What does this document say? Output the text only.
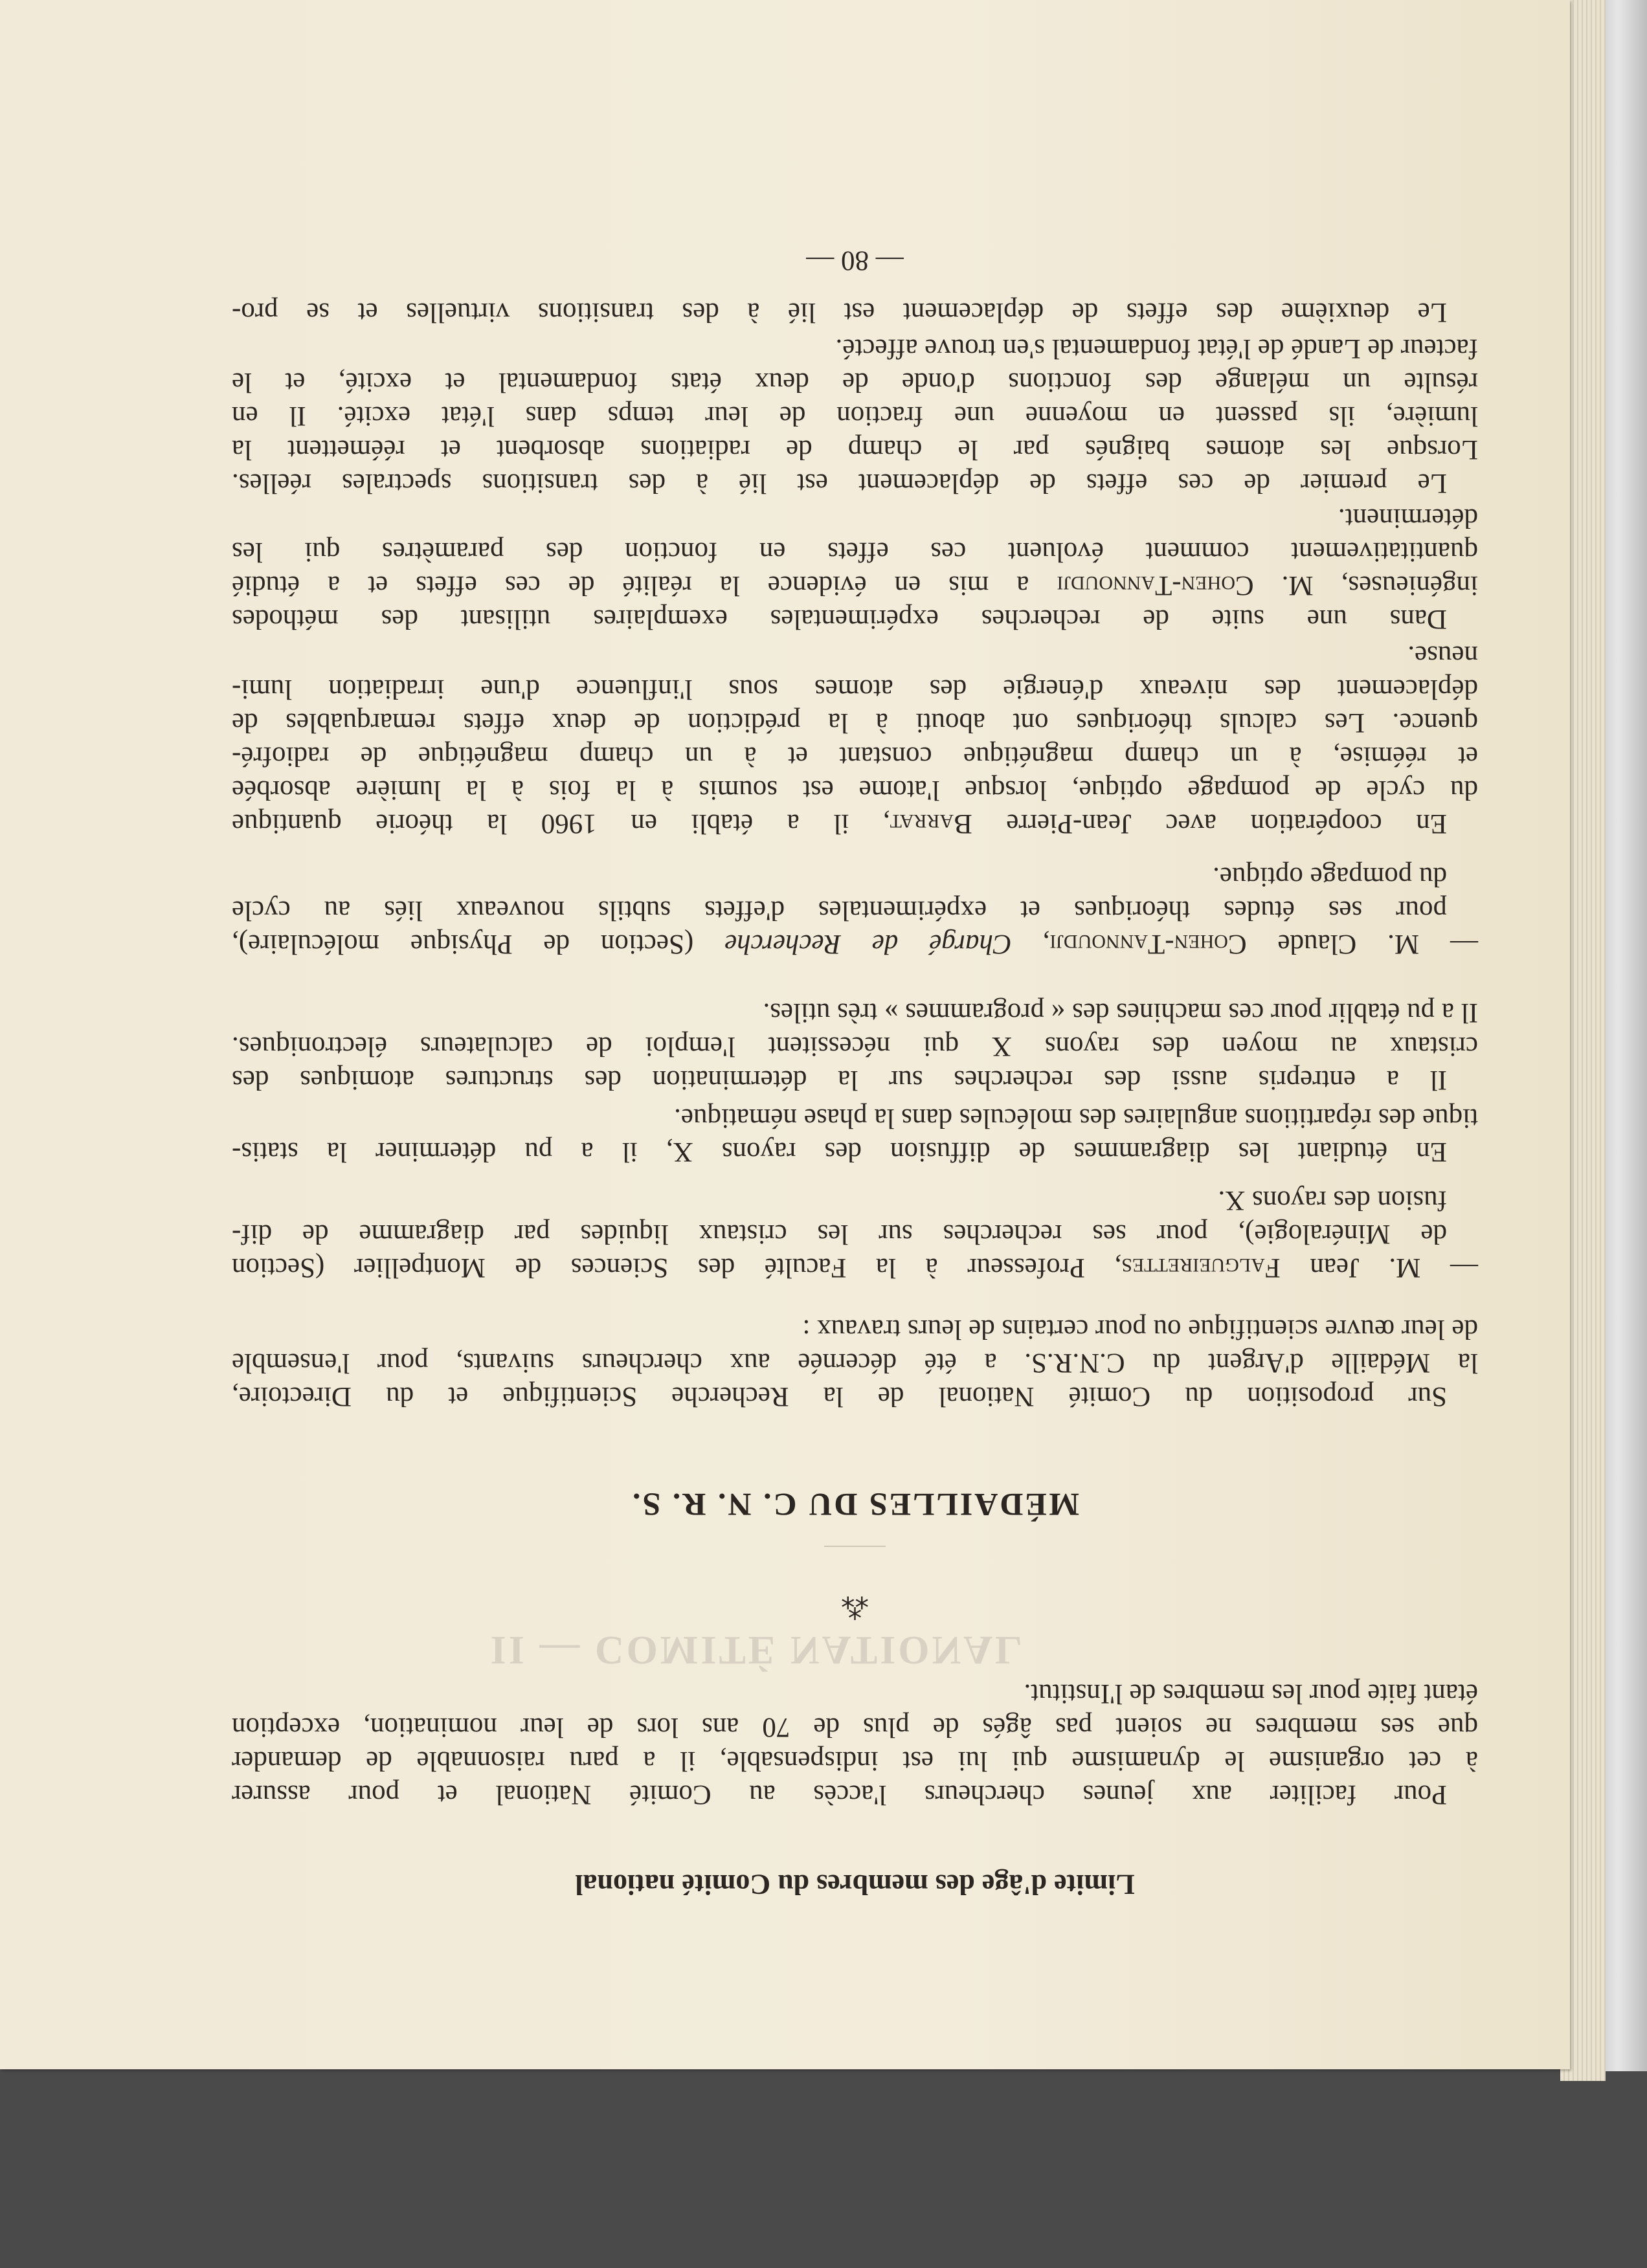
II — COMITÉ NATIONAL
— 80 —
Limite d'âge des membres du Comité national
Pour faciliter aux jeunes chercheurs l'accès au Comité National et pour assurer
à cet organisme le dynamisme qui lui est indispensable, il a paru raisonnable de demander
que ses membres ne soient pas âgés de plus de 70 ans lors de leur nomination, exception
étant faite pour les membres de l'Institut.
⁂
MÉDAILLES DU C. N. R. S.
Sur proposition du Comité National de la Recherche Scientifique et du Directoire,
la Médaille d'Argent du C.N.R.S. a été décernée aux chercheurs suivants, pour l'ensemble
de leur œuvre scientifique ou pour certains de leurs travaux :
— M. Jean Falgueirettes, Professeur à la Faculté des Sciences de Montpellier (Section
de Minéralogie), pour ses recherches sur les cristaux liquides par diagramme de dif-
fusion des rayons X.
En étudiant les diagrammes de diffusion des rayons X, il a pu déterminer la statis-
tique des répartitions angulaires des molécules dans la phase nématique.
Il a entrepris aussi des recherches sur la détermination des structures atomiques des
cristaux au moyen des rayons X qui nécessitent l'emploi de calculateurs électroniques.
Il a pu établir pour ces machines des « programmes » très utiles.
— M. Claude Cohen-Tannoudji, Chargé de Recherche (Section de Physique moléculaire),
pour ses études théoriques et expérimentales d'effets subtils nouveaux liés au cycle
du pompage optique.
En coopération avec Jean-Pierre Barrat, il a établi en 1960 la théorie quantique
du cycle de pompage optique, lorsque l'atome est soumis à la fois à la lumière absorbée
et réémise, à un champ magnétique constant et à un champ magnétique de radiofré-
quence. Les calculs théoriques ont abouti à la prédiction de deux effets remarquables de
déplacement des niveaux d'énergie des atomes sous l'influence d'une irradiation lumi-
neuse.
Dans une suite de recherches expérimentales exemplaires utilisant des méthodes
ingénieuses, M. Cohen-Tannoudji a mis en évidence la réalité de ces effets et a étudié
quantitativement comment évoluent ces effets en fonction des paramètres qui les
déterminent.
Le premier de ces effets de déplacement est lié à des transitions spectrales réelles.
Lorsque les atomes baignés par le champ de radiations absorbent et réémettent la
lumière, ils passent en moyenne une fraction de leur temps dans l'état excité. Il en
résulte un mélange des fonctions d'onde de deux états fondamental et excité, et le
facteur de Landé de l'état fondamental s'en trouve affecté.
Le deuxième des effets de déplacement est lié à des transitions virtuelles et se pro-
